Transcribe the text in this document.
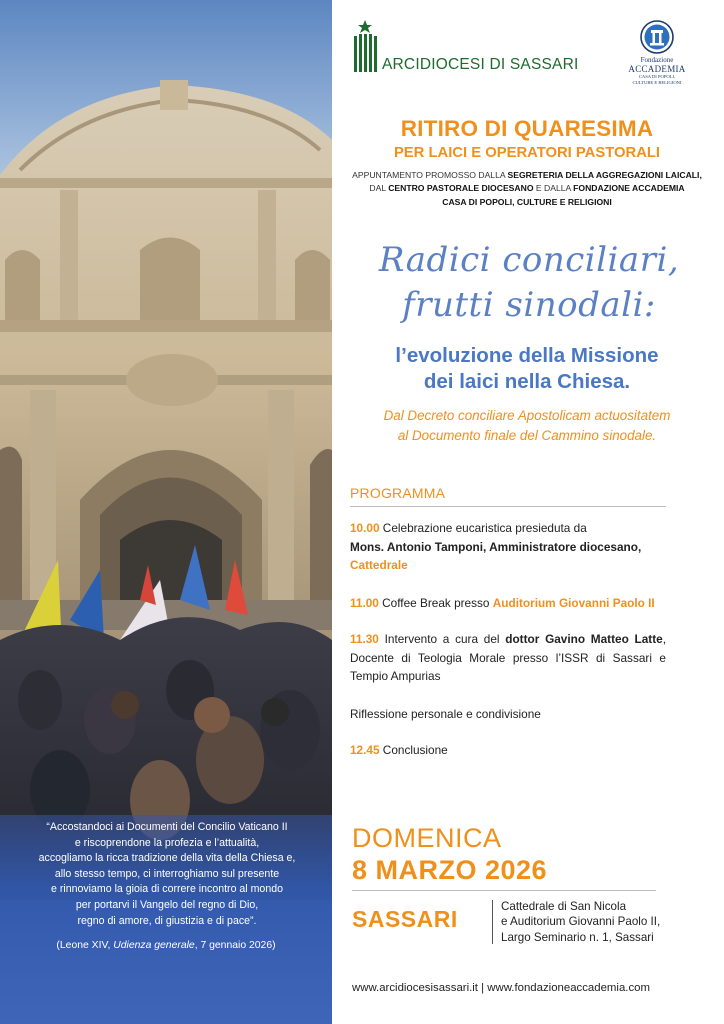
“Accostandoci ai Documenti del Concilio Vaticano II
e riscoprendone la profezia e l’attualità,
accogliamo la ricca tradizione della vita della Chiesa e,
allo stesso tempo, ci interroghiamo sul presente
e rinnoviamo la gioia di correre incontro al mondo
per portarvi il Vangelo del regno di Dio,
regno di amore, di giustizia e di pace”.
(Leone XIV, Udienza generale, 7 gennaio 2026)
ARCIDIOCESI DI SASSARI	Fondazione
ACCADEMIA
CASA DI POPOLI,
CULTURE E RELIGIONI
RITIRO DI QUARESIMA
PER LAICI E OPERATORI PASTORALI
APPUNTAMENTO PROMOSSO DALLA SEGRETERIA DELLA AGGREGAZIONI LAICALI,
DAL CENTRO PASTORALE DIOCESANO E DALLA FONDAZIONE ACCADEMIA
CASA DI POPOLI, CULTURE E RELIGIONI
Radici conciliari,
frutti sinodali:
l’evoluzione della Missione
dei laici nella Chiesa.
Dal Decreto conciliare Apostolicam actuositatem
al Documento finale del Cammino sinodale.
PROGRAMMA
10.00 Celebrazione eucaristica presieduta da
Mons. Antonio Tamponi, Amministratore diocesano,
Cattedrale
11.00 Coffee Break presso Auditorium Giovanni Paolo II
11.30 Intervento a cura del dottor Gavino Matteo Latte, Docente di Teologia Morale presso l’ISSR di Sassari e Tempio Ampurias
Riflessione personale e condivisione
12.45 Conclusione
DOMENICA
8 MARZO 2026
SASSARI	Cattedrale di San Nicola
e Auditorium Giovanni Paolo II,
Largo Seminario n. 1, Sassari
www.arcidiocesisassari.it | www.fondazioneaccademia.com
